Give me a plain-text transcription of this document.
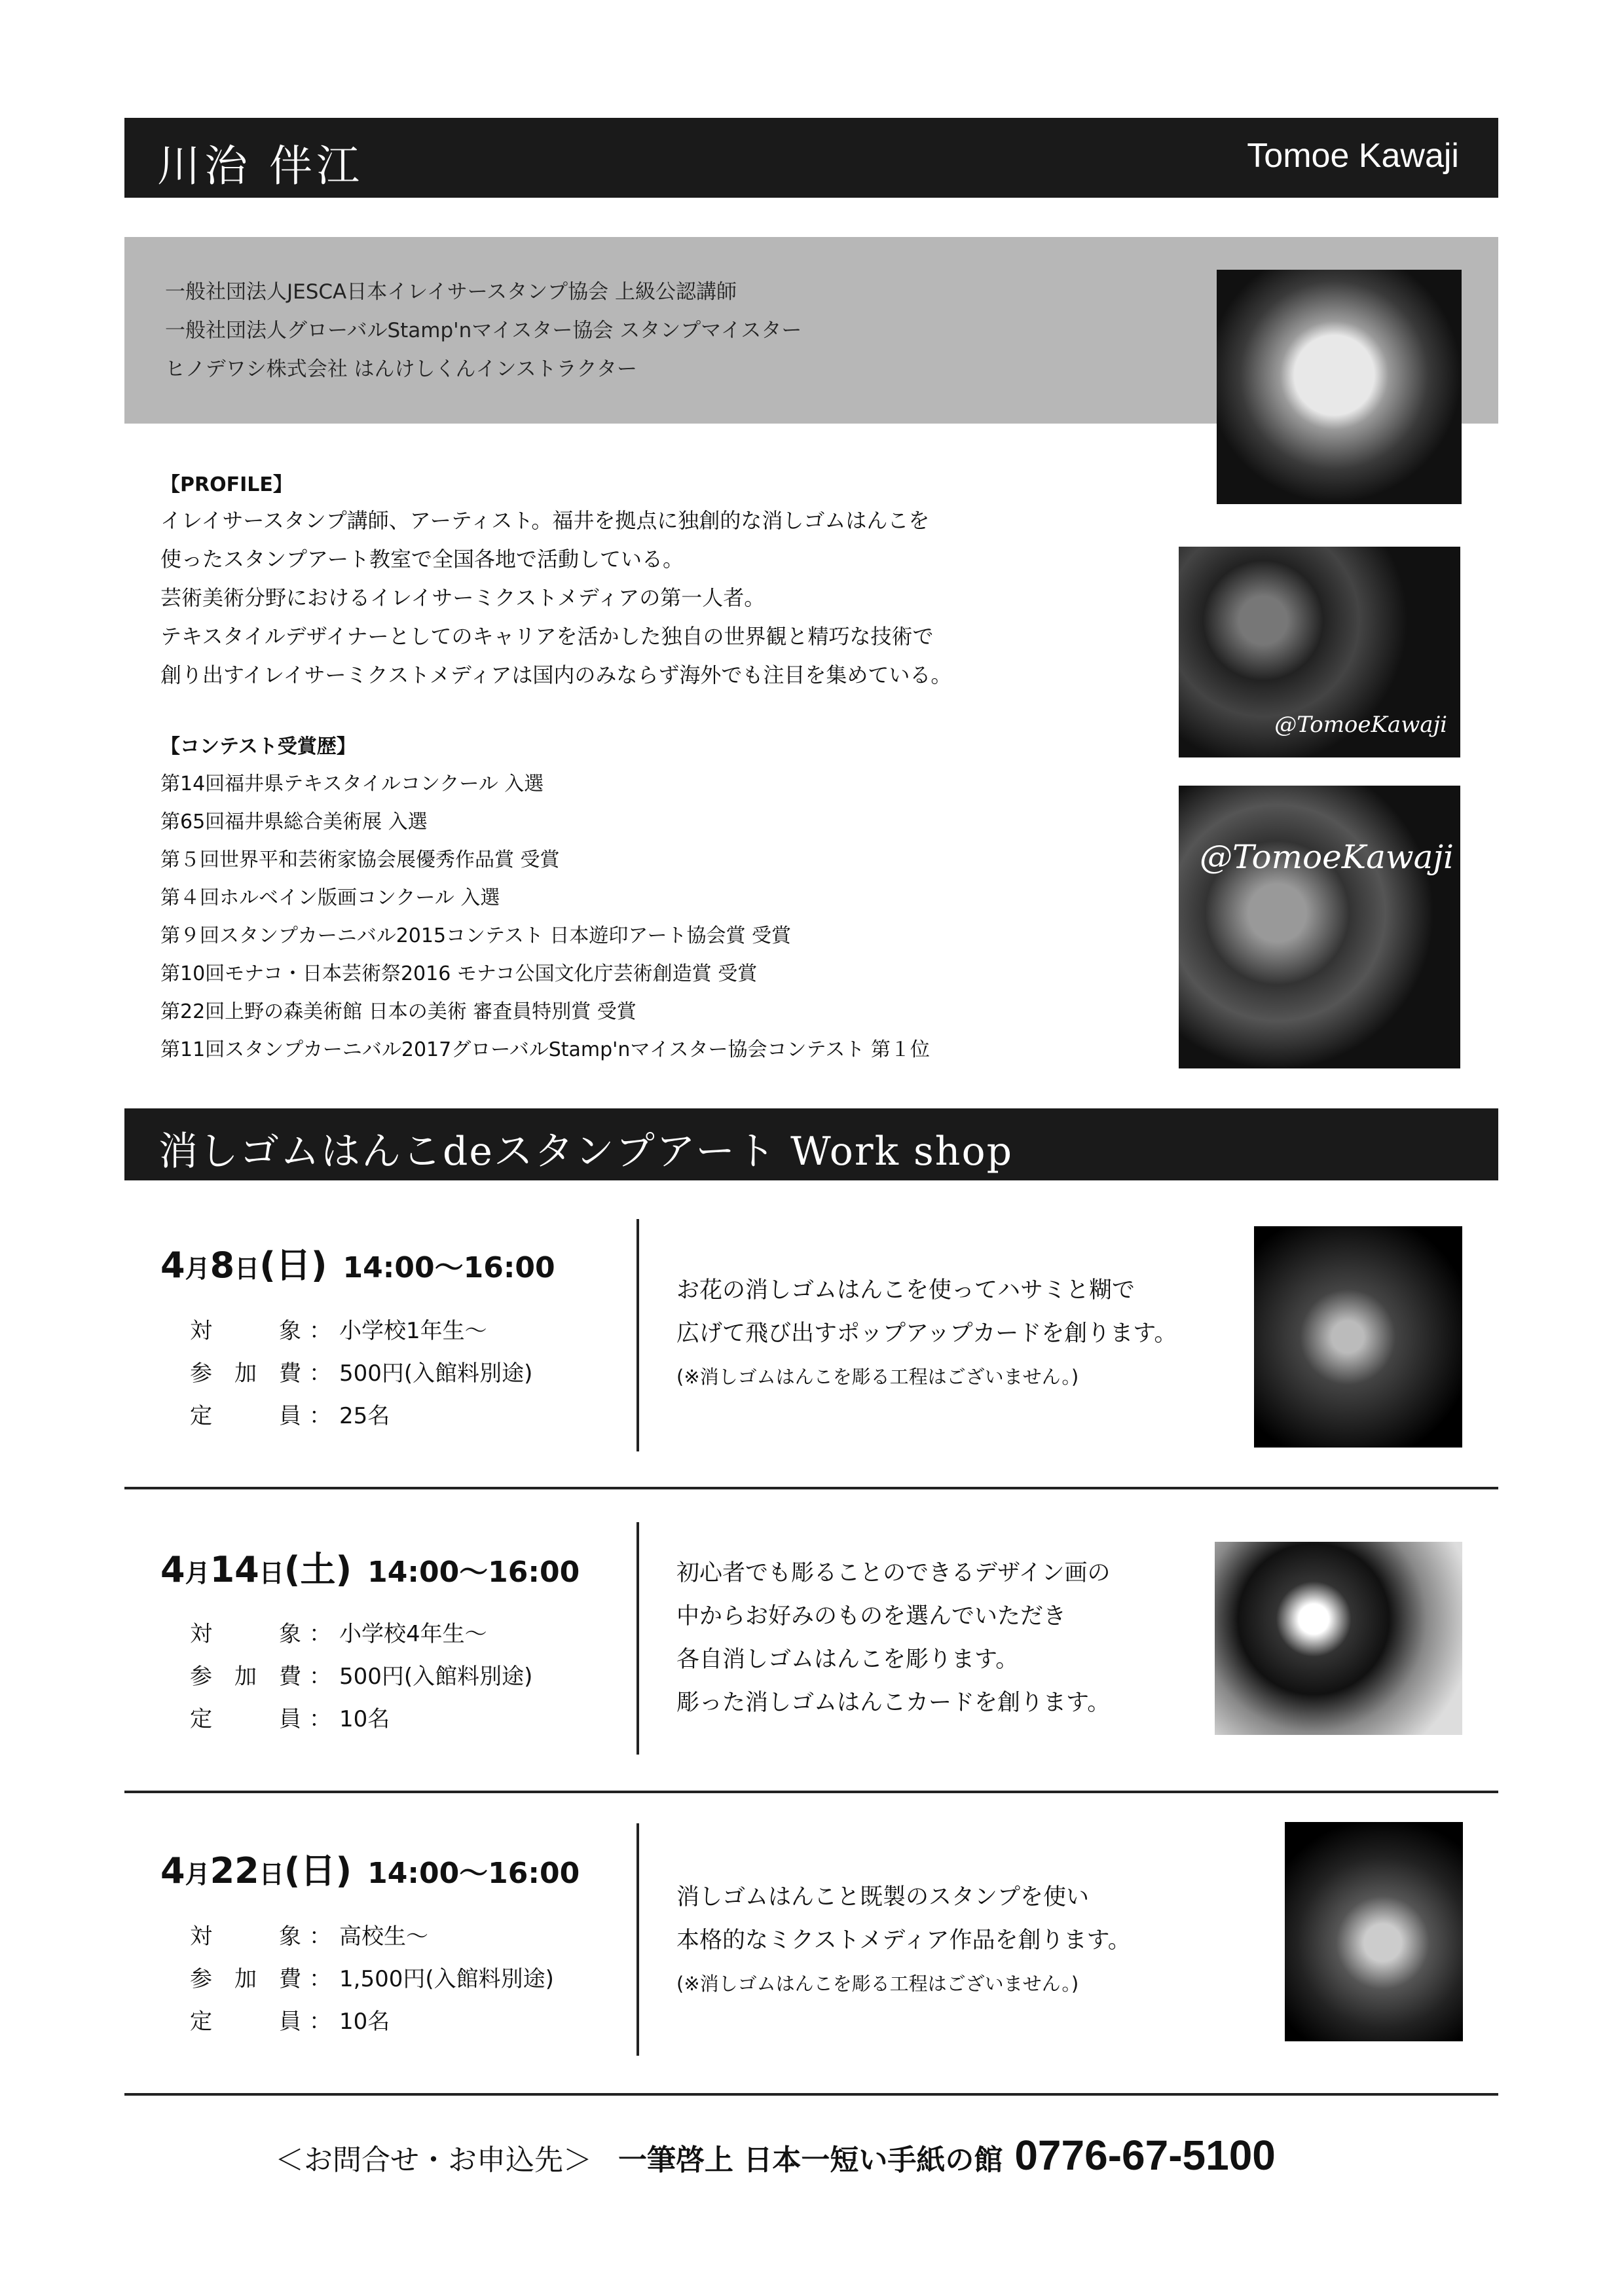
川治 伴江	Tomoe Kawaji
一般社団法人JESCA日本イレイサースタンプ協会 上級公認講師
一般社団法人グローバルStamp'nマイスター協会 スタンプマイスター
ヒノデワシ株式会社 はんけしくんインストラクター
【PROFILE】
イレイサースタンプ講師、アーティスト。福井を拠点に独創的な消しゴムはんこを
使ったスタンプアート教室で全国各地で活動している。
芸術美術分野におけるイレイサーミクストメディアの第一人者。
テキスタイルデザイナーとしてのキャリアを活かした独自の世界観と精巧な技術で
創り出すイレイサーミクストメディアは国内のみならず海外でも注目を集めている。
【コンテスト受賞歴】
第14回福井県テキスタイルコンクール 入選
第65回福井県総合美術展 入選
第５回世界平和芸術家協会展優秀作品賞 受賞
第４回ホルベイン版画コンクール 入選
第９回スタンプカーニバル2015コンテスト 日本遊印アート協会賞 受賞
第10回モナコ・日本芸術祭2016 モナコ公国文化庁芸術創造賞 受賞
第22回上野の森美術館 日本の美術 審査員特別賞 受賞
第11回スタンプカーニバル2017グローバルStamp'nマイスター協会コンテスト 第１位
@TomoeKawaji
@TomoeKawaji
消しゴムはんこdeスタンプアート Work shop
4月8日(日) 14:00～16:00
対象 ： 小学校1年生～
参加費 ： 500円(入館料別途)
定員 ： 25名
お花の消しゴムはんこを使ってハサミと糊で
広げて飛び出すポップアップカードを創ります。
(※消しゴムはんこを彫る工程はございません。)
4月14日(土) 14:00～16:00
対象 ： 小学校4年生～
参加費 ： 500円(入館料別途)
定員 ： 10名
初心者でも彫ることのできるデザイン画の
中からお好みのものを選んでいただき
各自消しゴムはんこを彫ります。
彫った消しゴムはんこカードを創ります。
4月22日(日) 14:00～16:00
対象 ： 高校生～
参加費 ： 1,500円(入館料別途)
定員 ： 10名
消しゴムはんこと既製のスタンプを使い
本格的なミクストメディア作品を創ります。
(※消しゴムはんこを彫る工程はございません。)
＜お問合せ・お申込先＞ 一筆啓上 日本一短い手紙の館 0776-67-5100
